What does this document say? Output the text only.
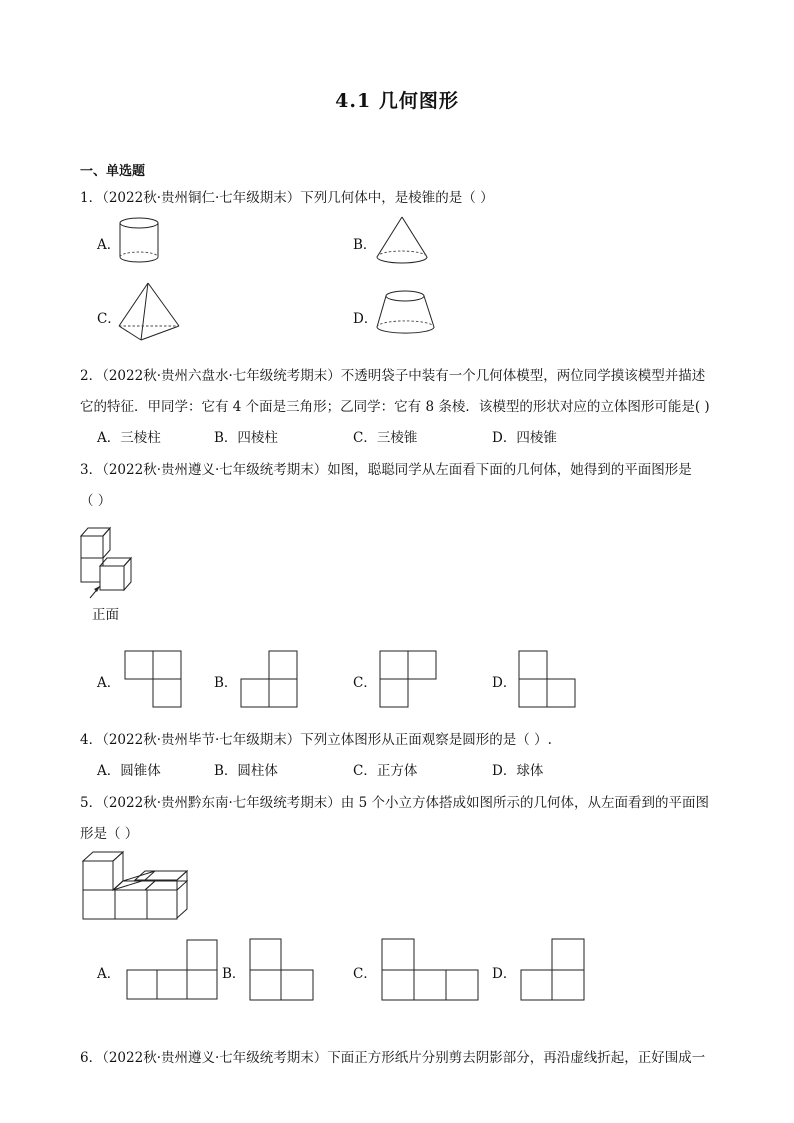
4.1 几何图形
一、单选题
1．（2022秋·贵州铜仁·七年级期末）下列几何体中，是棱锥的是（ ）
A．	B．
C．	D．
2．（2022秋·贵州六盘水·七年级统考期末）不透明袋子中装有一个几何体模型，两位同学摸该模型并描述
它的特征．甲同学：它有 4 个面是三角形；乙同学：它有 8 条棱．该模型的形状对应的立体图形可能是( )
A．三棱柱	B．四棱柱	C．三棱锥	D．四棱锥
3．（2022秋·贵州遵义·七年级统考期末）如图，聪聪同学从左面看下面的几何体，她得到的平面图形是
（ ）
正面
A．	B．	C．	D．
4．（2022秋·贵州毕节·七年级期末）下列立体图形从正面观察是圆形的是（ ）.
A．圆锥体	B．圆柱体	C．正方体	D．球体
5．（2022秋·贵州黔东南·七年级统考期末）由 5 个小立方体搭成如图所示的几何体，从左面看到的平面图
形是（ ）
A．	B．	C．	D．
6．（2022秋·贵州遵义·七年级统考期末）下面正方形纸片分别剪去阴影部分，再沿虚线折起，正好围成一
